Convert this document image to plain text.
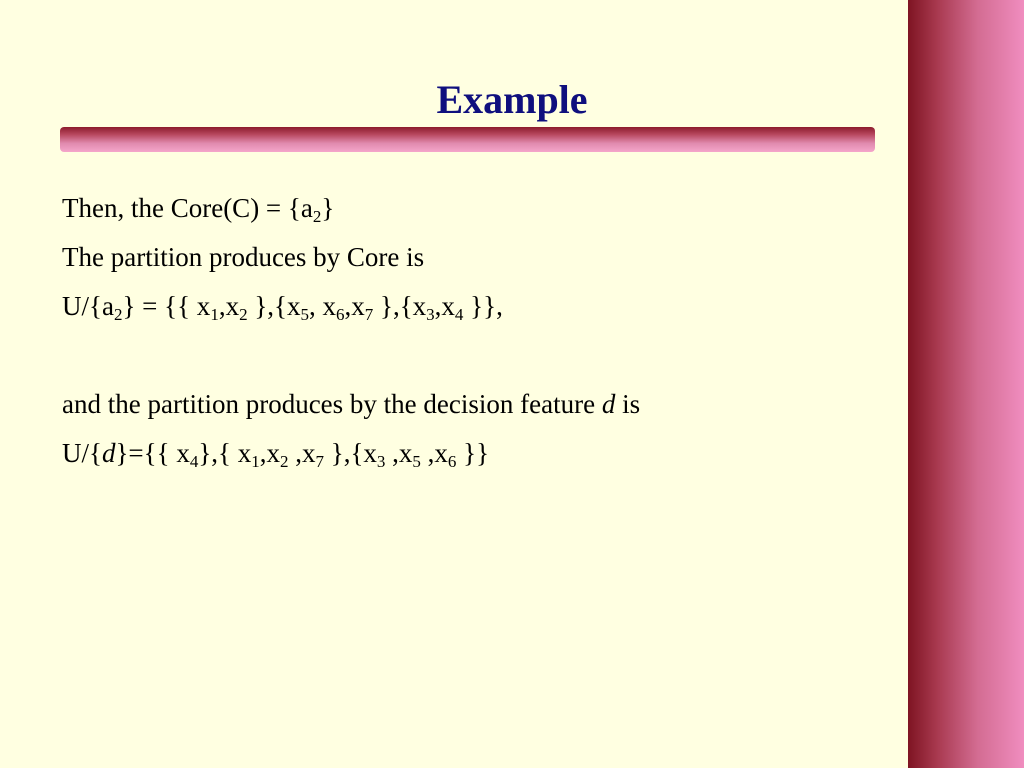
Example
Then, the Core(C) = $\{a_2\}$
The partition produces by Core is
$U/\{a_2\}$ = {{ $x_1,x_2$ }$,\{x_5$, $x_6,x_7$ }$,\{x_3,x_4$ }},
and the partition produces by the decision feature d is
U/{d}={{ $x_4$},{ $x_1,x_2$ $,x_7$ }$,\{x_3$ $,x_5$ $,x_6$ }}
